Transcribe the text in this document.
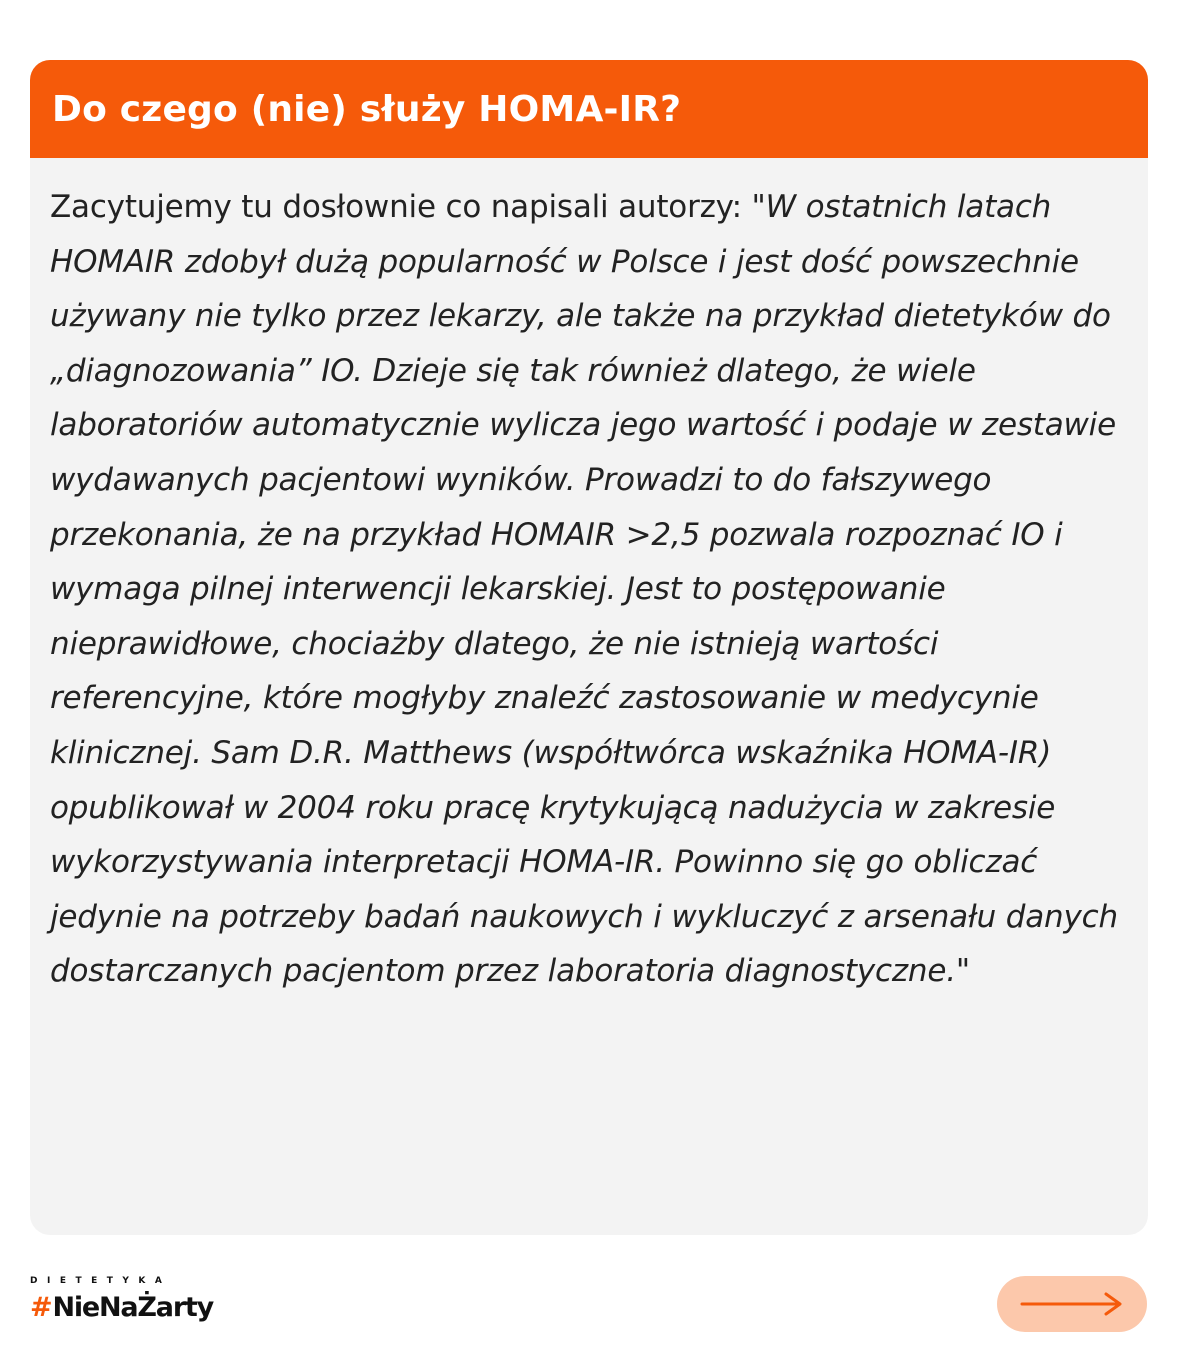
Do czego (nie) służy HOMA-IR?
Zacytujemy tu dosłownie co napisali autorzy: "W ostatnich latach HOMAIR zdobył dużą popularność w Polsce i jest dość powszechnie używany nie tylko przez lekarzy, ale także na przykład dietetyków do „diagnozowania” IO. Dzieje się tak również dlatego, że wiele laboratoriów automatycznie wylicza jego wartość i podaje w zestawie wydawanych pacjentowi wyników. Prowadzi to do fałszywego przekonania, że na przykład HOMAIR >2,5 pozwala rozpoznać IO i wymaga pilnej interwencji lekarskiej. Jest to postępowanie nieprawidłowe, chociażby dlatego, że nie istnieją wartości referencyjne, które mogłyby znaleźć zastosowanie w medycynie klinicznej. Sam D.R. Matthews (współtwórca wskaźnika HOMA-IR) opublikował w 2004 roku pracę krytykującą nadużycia w zakresie wykorzystywania interpretacji HOMA-IR. Powinno się go obliczać jedynie na potrzeby badań naukowych i wykluczyć z arsenału danych dostarczanych pacjentom przez laboratoria diagnostyczne."
DIETETYKA
# NieNaŻarty
